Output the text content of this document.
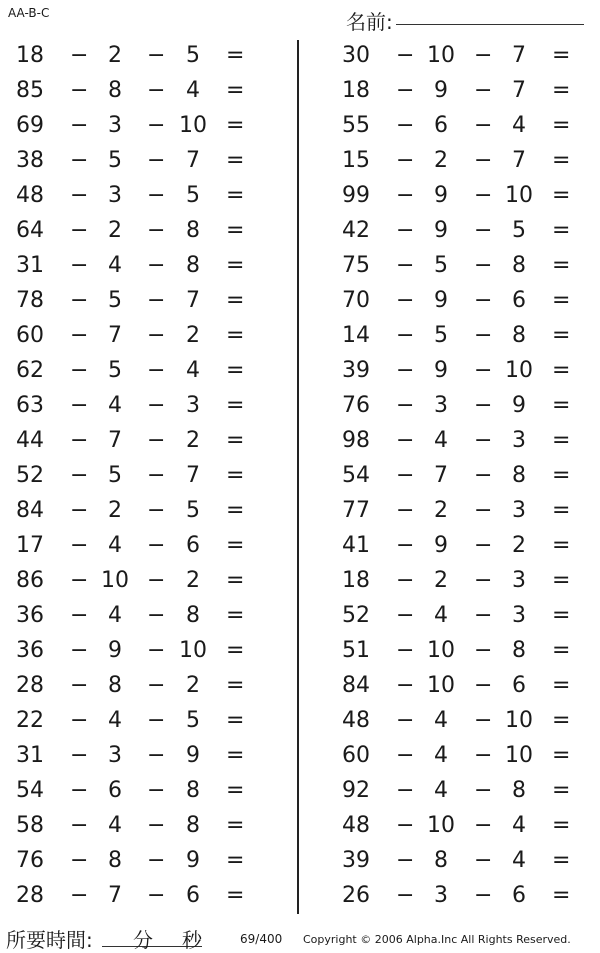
AA-B-C	名前:
18 − 2	− 5	=
85 − 8	− 4	=
69 − 3	− 10 =
38 − 5	− 7	=
48 − 3	− 5	=
64 − 2	− 8	=
31 − 4	− 8	=
78 − 5	− 7	=
60 − 7	− 2	=
62 − 5	− 4	=
63 − 4	− 3	=
44 − 7	− 2	=
52 − 5	− 7	=
84 − 2	− 5	=
17 − 4	− 6	=
86 − 10 − 2	=
36 − 4	− 8	=
36 − 9	− 10 =
28 − 8	− 2	=
22 − 4	− 5	=
31 − 3	− 9	=
54 − 6	− 8	=
58 − 4	− 8	=
76 − 8	− 9	=
28 − 7	− 6	=
30 − 10 − 7	=
18 − 9	− 7	=
55 − 6	− 4	=
15 − 2	− 7	=
99 − 9	− 10 =
42 − 9	− 5	=
75 − 5	− 8	=
70 − 9	− 6	=
14 − 5	− 8	=
39 − 9	− 10 =
76 − 3	− 9	=
98 − 4	− 3	=
54 − 7	− 8	=
77 − 2	− 3	=
41 − 9	− 2	=
18 − 2	− 3	=
52 − 4	− 3	=
51 − 10 − 8	=
84 − 10 − 6	=
48 − 4	− 10 =
60 − 4	− 10 =
92 − 4	− 8	=
48 − 10 − 4	=
39 − 8	− 4	=
26 − 3	− 6	=
所要時間: 分 秒	69/400 Copyright © 2006 Alpha.Inc All Rights Reserved.
